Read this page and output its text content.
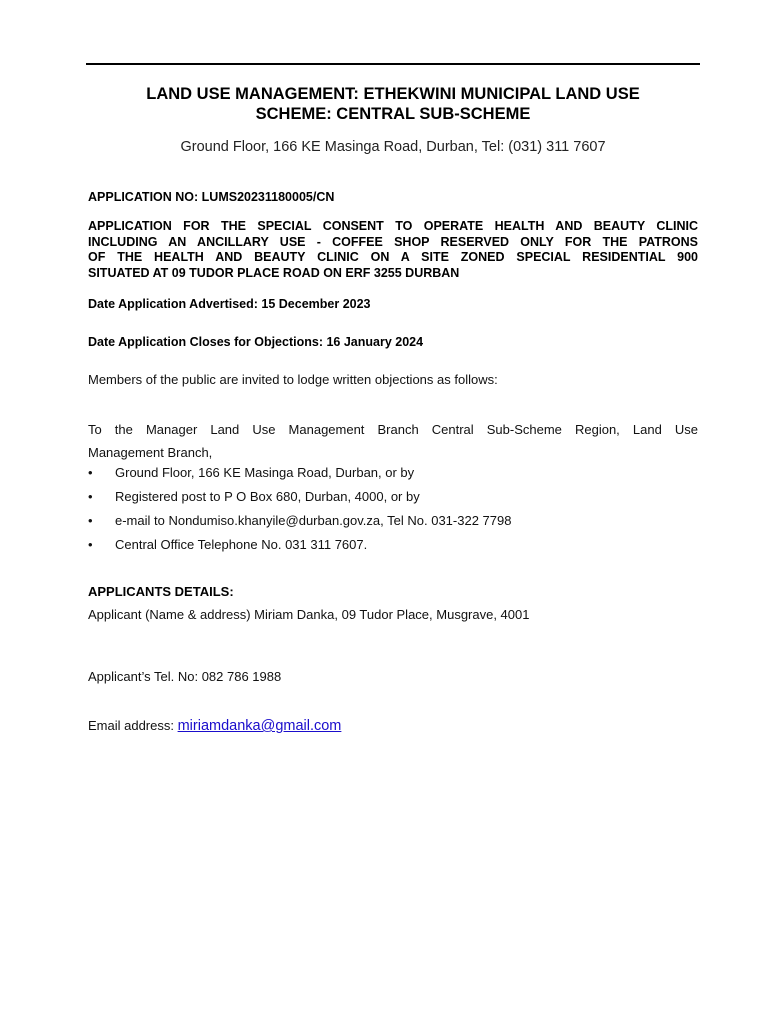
LAND USE MANAGEMENT: ETHEKWINI MUNICIPAL LAND USE
SCHEME: CENTRAL SUB-SCHEME
Ground Floor, 166 KE Masinga Road, Durban, Tel: (031) 311 7607
APPLICATION NO: LUMS20231180005/CN
APPLICATION FOR THE SPECIAL CONSENT TO OPERATE HEALTH AND BEAUTY CLINIC
INCLUDING AN ANCILLARY USE - COFFEE SHOP RESERVED ONLY FOR THE PATRONS
OF THE HEALTH AND BEAUTY CLINIC ON A SITE ZONED SPECIAL RESIDENTIAL 900
SITUATED AT 09 TUDOR PLACE ROAD ON ERF 3255 DURBAN
Date Application Advertised: 15 December 2023
Date Application Closes for Objections: 16 January 2024
Members of the public are invited to lodge written objections as follows:
To the Manager Land Use Management Branch Central Sub-Scheme Region, Land Use
Management Branch,
•	Ground Floor, 166 KE Masinga Road, Durban, or by
•	Registered post to P O Box 680, Durban, 4000, or by
•	e-mail to Nondumiso.khanyile@durban.gov.za, Tel No. 031-322 7798
•	Central Office Telephone No. 031 311 7607.
APPLICANTS DETAILS:
Applicant (Name & address) Miriam Danka, 09 Tudor Place, Musgrave, 4001
Applicant’s Tel. No: 082 786 1988
Email address: miriamdanka@gmail.com
